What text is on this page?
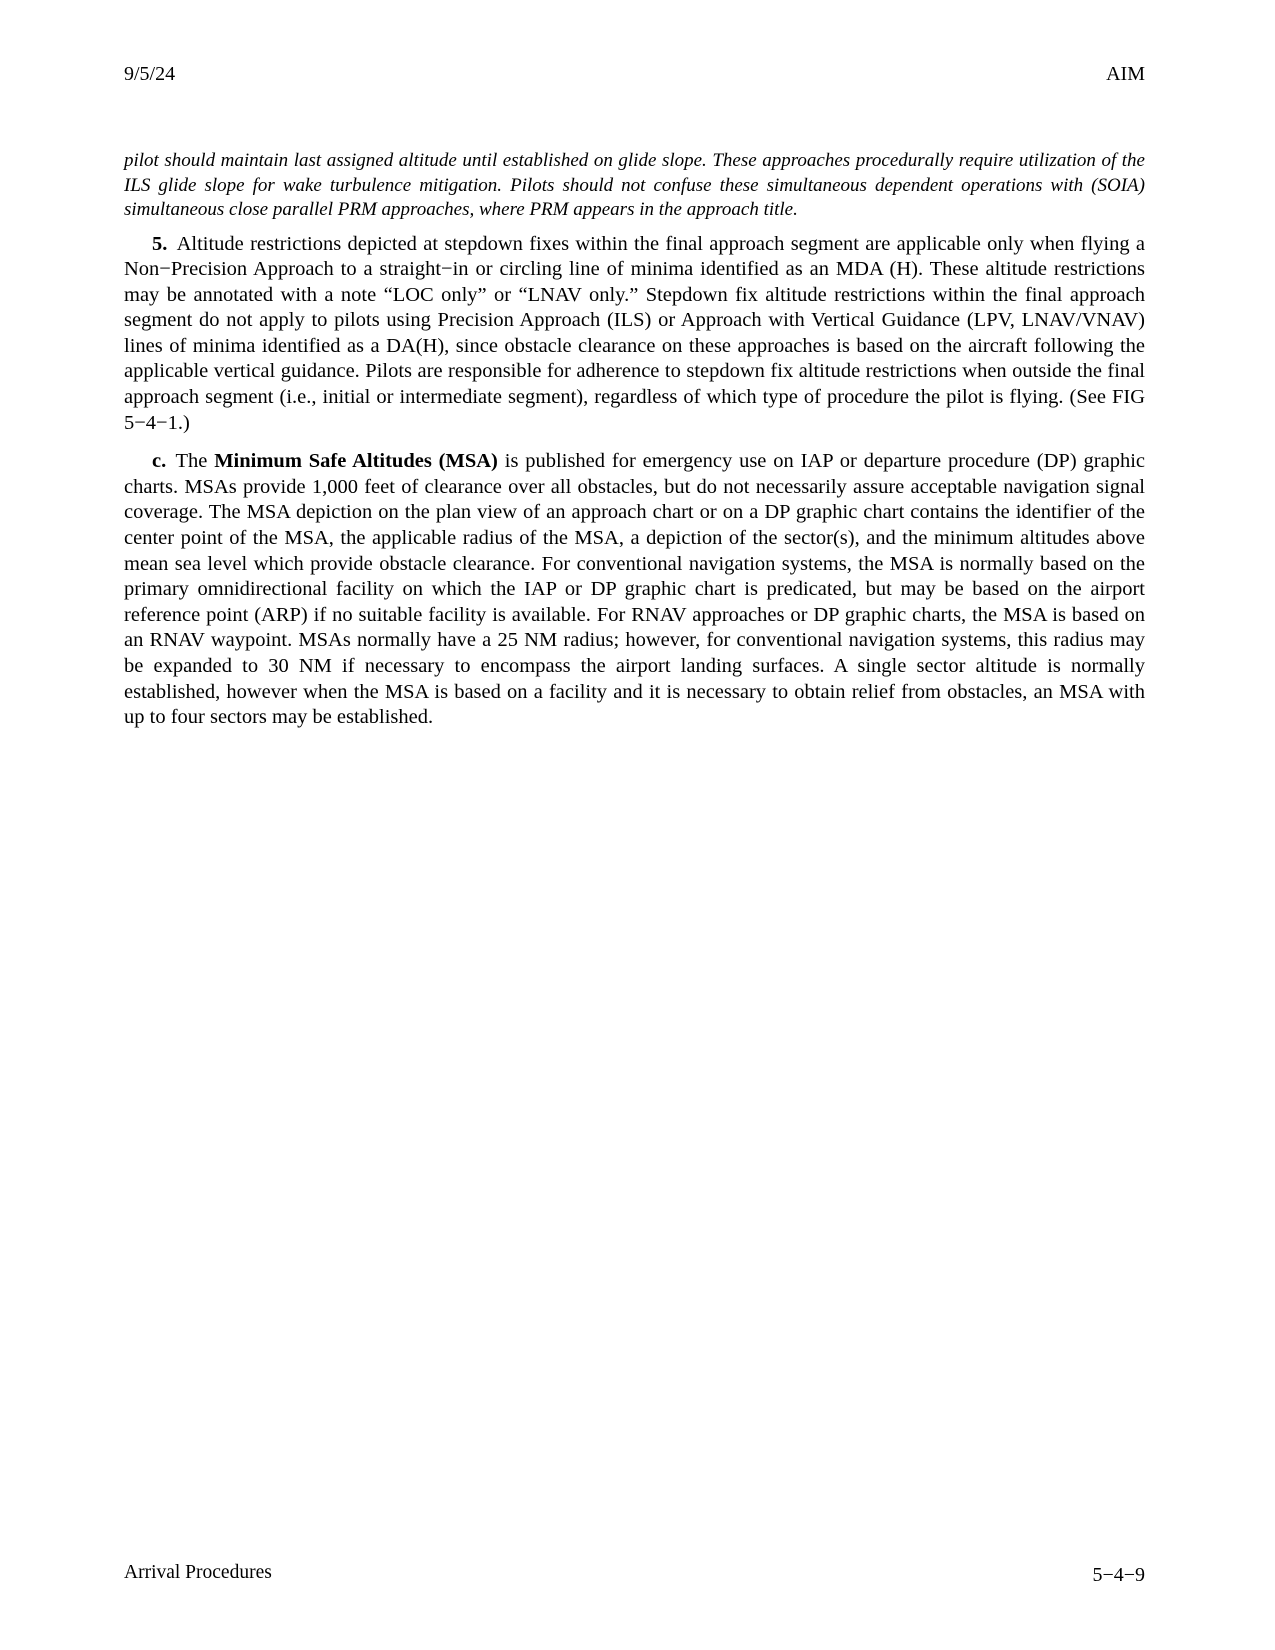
9/5/24	AIM

pilot should maintain last assigned altitude until established on glide slope. These approaches procedurally require utilization of the ILS glide slope for wake turbulence mitigation. Pilots should not confuse these simultaneous dependent operations with (SOIA) simultaneous close parallel PRM approaches, where PRM appears in the approach title.

5. Altitude restrictions depicted at stepdown fixes within the final approach segment are applicable only when flying a Non−Precision Approach to a straight−in or circling line of minima identified as an MDA (H). These altitude restrictions may be annotated with a note “LOC only” or “LNAV only.” Stepdown fix altitude restrictions within the final approach segment do not apply to pilots using Precision Approach (ILS) or Approach with Vertical Guidance (LPV, LNAV/VNAV) lines of minima identified as a DA(H), since obstacle clearance on these approaches is based on the aircraft following the applicable vertical guidance. Pilots are responsible for adherence to stepdown fix altitude restrictions when outside the final approach segment (i.e., initial or intermediate segment), regardless of which type of procedure the pilot is flying. (See FIG 5−4−1.)

c. The Minimum Safe Altitudes (MSA) is published for emergency use on IAP or departure procedure (DP) graphic charts. MSAs provide 1,000 feet of clearance over all obstacles, but do not necessarily assure acceptable navigation signal coverage. The MSA depiction on the plan view of an approach chart or on a DP graphic chart contains the identifier of the center point of the MSA, the applicable radius of the MSA, a depiction of the sector(s), and the minimum altitudes above mean sea level which provide obstacle clearance. For conventional navigation systems, the MSA is normally based on the primary omnidirectional facility on which the IAP or DP graphic chart is predicated, but may be based on the airport reference point (ARP) if no suitable facility is available. For RNAV approaches or DP graphic charts, the MSA is based on an RNAV waypoint. MSAs normally have a 25 NM radius; however, for conventional navigation systems, this radius may be expanded to 30 NM if necessary to encompass the airport landing surfaces. A single sector altitude is normally established, however when the MSA is based on a facility and it is necessary to obtain relief from obstacles, an MSA with up to four sectors may be established.

Arrival Procedures	5−4−9
